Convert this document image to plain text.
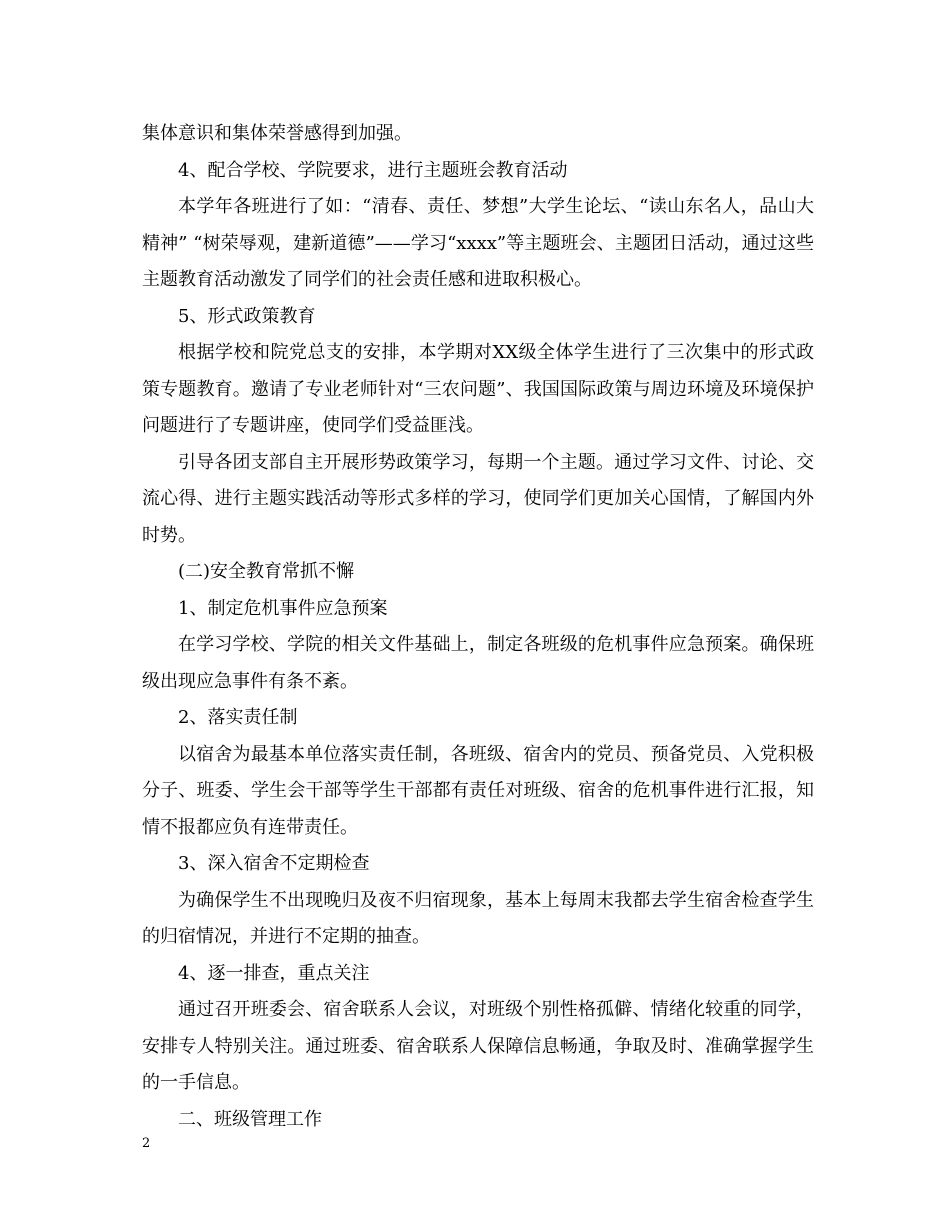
集体意识和集体荣誉感得到加强。

4、配合学校、学院要求，进行主题班会教育活动

本学年各班进行了如：“清春、责任、梦想”大学生论坛、“读山东名人，品山大精神” “树荣辱观，建新道德”——学习“xxxx”等主题班会、主题团日活动，通过这些主题教育活动激发了同学们的社会责任感和进取积极心。

5、形式政策教育

根据学校和院党总支的安排，本学期对XX级全体学生进行了三次集中的形式政策专题教育。邀请了专业老师针对“三农问题”、我国国际政策与周边环境及环境保护问题进行了专题讲座，使同学们受益匪浅。

引导各团支部自主开展形势政策学习，每期一个主题。通过学习文件、讨论、交流心得、进行主题实践活动等形式多样的学习，使同学们更加关心国情，了解国内外时势。

(二)安全教育常抓不懈

1、制定危机事件应急预案

在学习学校、学院的相关文件基础上，制定各班级的危机事件应急预案。确保班级出现应急事件有条不紊。

2、落实责任制

以宿舍为最基本单位落实责任制，各班级、宿舍内的党员、预备党员、入党积极分子、班委、学生会干部等学生干部都有责任对班级、宿舍的危机事件进行汇报，知情不报都应负有连带责任。

3、深入宿舍不定期检查

为确保学生不出现晚归及夜不归宿现象，基本上每周末我都去学生宿舍检查学生的归宿情况，并进行不定期的抽查。

4、逐一排查，重点关注

通过召开班委会、宿舍联系人会议，对班级个别性格孤僻、情绪化较重的同学，安排专人特别关注。通过班委、宿舍联系人保障信息畅通，争取及时、准确掌握学生的一手信息。

二、班级管理工作

2
